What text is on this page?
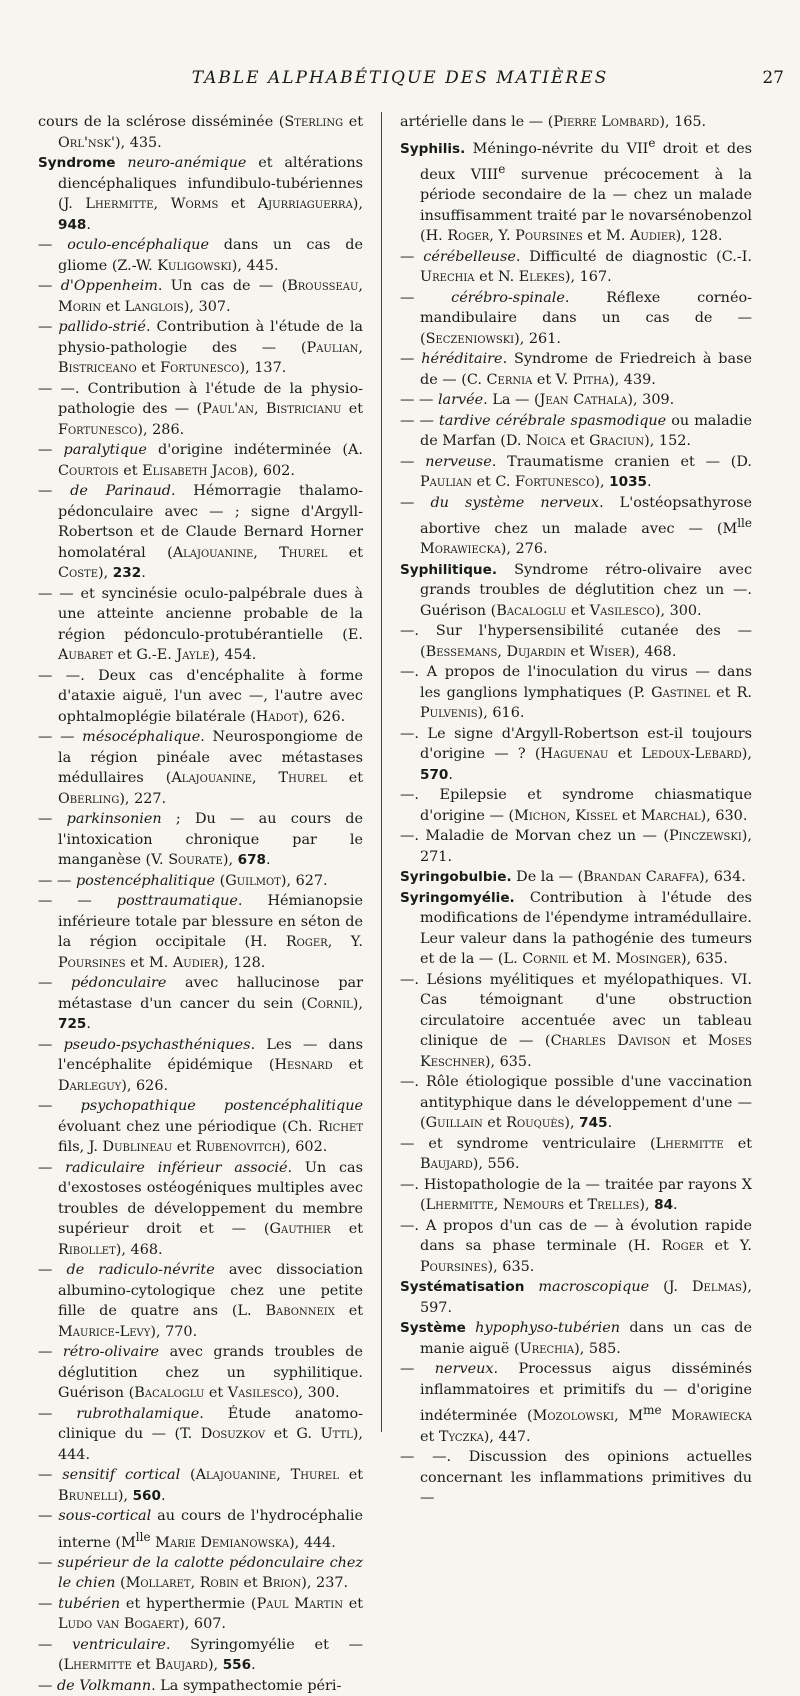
TABLE ALPHABÉTIQUE DES MATIÈRES	27

cours de la sclérose disséminée (Sterling et Orl'nsk'), 435.

Syndrome neuro-anémique et altérations diencéphaliques infundibulo-tubériennes (J. Lhermitte, Worms et Ajurriaguerra), 948.

— oculo-encéphalique dans un cas de gliome (Z.-W. Kuligowski), 445.

— d'Oppenheim. Un cas de — (Brousseau, Morin et Langlois), 307.

— pallido-strié. Contribution à l'étude de la physio-pathologie des — (Paulian, Bistriceano et Fortunesco), 137.

— —. Contribution à l'étude de la physio-pathologie des — (Paul'an, Bistricianu et Fortunesco), 286.

— paralytique d'origine indéterminée (A. Courtois et Elisabeth Jacob), 602.

— de Parinaud. Hémorragie thalamo-pédonculaire avec — ; signe d'Argyll-Robertson et de Claude Bernard Horner homolatéral (Alajouanine, Thurel et Coste), 232.

— — et syncinésie oculo-palpébrale dues à une atteinte ancienne probable de la région pédonculo-protubérantielle (E. Aubaret et G.-E. Jayle), 454.

— —. Deux cas d'encéphalite à forme d'ataxie aiguë, l'un avec —, l'autre avec ophtalmoplégie bilatérale (Hadot), 626.

— — mésocéphalique. Neurospongiome de la région pinéale avec métastases médullaires (Alajouanine, Thurel et Oberling), 227.

— parkinsonien ; Du — au cours de l'intoxication chronique par le manganèse (V. Sourate), 678.

— — postencéphalitique (Guilmot), 627.

— — posttraumatique. Hémianopsie inférieure totale par blessure en séton de la région occipitale (H. Roger, Y. Poursines et M. Audier), 128.

— pédonculaire avec hallucinose par métastase d'un cancer du sein (Cornil), 725.

— pseudo-psychasthéniques. Les — dans l'encéphalite épidémique (Hesnard et Darleguy), 626.

— psychopathique postencéphalitique évoluant chez une périodique (Ch. Richet fils, J. Dublineau et Rubenovitch), 602.

— radiculaire inférieur associé. Un cas d'exostoses ostéogéniques multiples avec troubles de développement du membre supérieur droit et — (Gauthier et Ribollet), 468.

— de radiculo-névrite avec dissociation albumino-cytologique chez une petite fille de quatre ans (L. Babonneix et Maurice-Levy), 770.

— rétro-olivaire avec grands troubles de déglutition chez un syphilitique. Guérison (Bacaloglu et Vasilesco), 300.

— rubrothalamique. Étude anatomo-clinique du — (T. Dosuzkov et G. Uttl), 444.

— sensitif cortical (Alajouanine, Thurel et Brunelli), 560.

— sous-cortical au cours de l'hydrocéphalie interne ($M^{lle}$ Marie Demianowska), 444.

— supérieur de la calotte pédonculaire chez le chien (Mollaret, Robin et Brion), 237.

— tubérien et hyperthermie (Paul Martin et Ludo van Bogaert), 607.

— ventriculaire. Syringomyélie et — (Lhermitte et Baujard), 556.

— de Volkmann. La sympathectomie péri-

artérielle dans le — (Pierre Lombard), 165.

Syphilis. Méningo-névrite du VIIe droit et des deux VIIIe survenue précocement à la période secondaire de la — chez un malade insuffisamment traité par le novarsénobenzol (H. Roger, Y. Poursines et M. Audier), 128.

— cérébelleuse. Difficulté de diagnostic (C.-I. Urechia et N. Elekes), 167.

— cérébro-spinale. Réflexe cornéo-mandibulaire dans un cas de — (Seczeniowski), 261.

— héréditaire. Syndrome de Friedreich à base de — (C. Cernia et V. Pitha), 439.

— — larvée. La — (Jean Cathala), 309.

— — tardive cérébrale spasmodique ou maladie de Marfan (D. Noica et Graciun), 152.

— nerveuse. Traumatisme cranien et — (D. Paulian et C. Fortunesco), 1035.

— du système nerveux. L'ostéopsathyrose abortive chez un malade avec — ($M^{lle}$ Morawiecka), 276.

Syphilitique. Syndrome rétro-olivaire avec grands troubles de déglutition chez un —. Guérison (Bacaloglu et Vasilesco), 300.

—. Sur l'hypersensibilité cutanée des — (Bessemans, Dujardin et Wiser), 468.

—. A propos de l'inoculation du virus — dans les ganglions lymphatiques (P. Gastinel et R. Pulvenis), 616.

—. Le signe d'Argyll-Robertson est-il toujours d'origine — ? (Haguenau et Ledoux-Lebard), 570.

—. Epilepsie et syndrome chiasmatique d'origine — (Michon, Kissel et Marchal), 630.

—. Maladie de Morvan chez un — (Pinczewski), 271.

Syringobulbie. De la — (Brandan Caraffa), 634.

Syringomyélie. Contribution à l'étude des modifications de l'épendyme intramédullaire. Leur valeur dans la pathogénie des tumeurs et de la — (L. Cornil et M. Mosinger), 635.

—. Lésions myélitiques et myélopathiques. VI. Cas témoignant d'une obstruction circulatoire accentuée avec un tableau clinique de — (Charles Davison et Moses Keschner), 635.

—. Rôle étiologique possible d'une vaccination antityphique dans le développement d'une — (Guillain et Rouquès), 745.

— et syndrome ventriculaire (Lhermitte et Baujard), 556.

—. Histopathologie de la — traitée par rayons X (Lhermitte, Nemours et Trelles), 84.

—. A propos d'un cas de — à évolution rapide dans sa phase terminale (H. Roger et Y. Poursines), 635.

Systématisation macroscopique (J. Delmas), 597.

Système hypophyso-tubérien dans un cas de manie aiguë (Urechia), 585.

— nerveux. Processus aigus disséminés inflammatoires et primitifs du — d'origine indéterminée (Mozolowski, $M^{me}$ Morawiecka et Tyczka), 447.

— —. Discussion des opinions actuelles concernant les inflammations primitives du —
